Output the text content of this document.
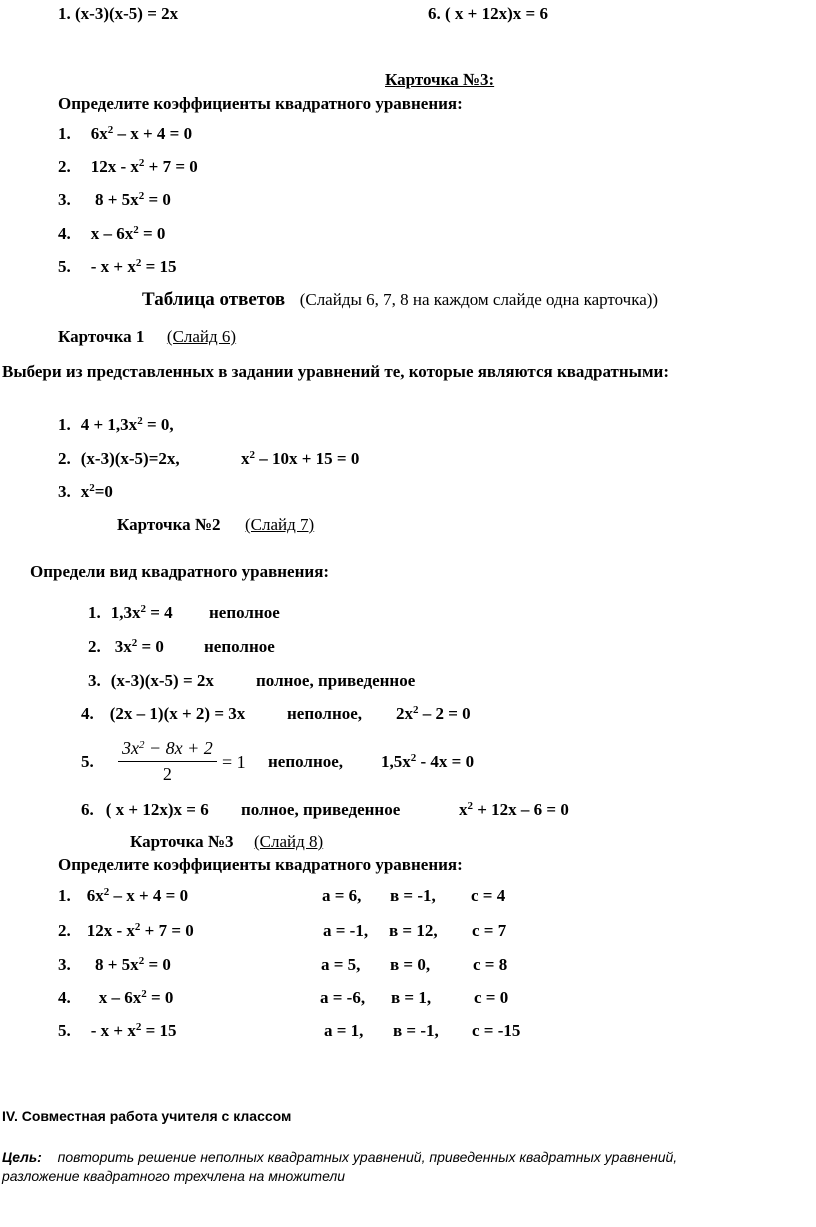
1. (x-3)(x-5) = 2x	6. ( x + 12x)x = 6
Карточка №3:
Определите коэффициенты квадратного уравнения:
1. $6x^2 - x + 4 = 0$
2. $12x - x^2 + 7 = 0$
3. $8 + 5x^2 = 0$
4. $x - 6x^2 = 0$
5. - $x + x^2 = 15$
Таблица ответов (Слайды 6, 7, 8 на каждом слайде одна карточка))
Карточка 1 (Слайд 6)
Выбери из представленных в задании уравнений те, которые являются квадратными:
1. $4 + 1,3x^2 = 0$,
2. (x-3)(x-5)=2x,	$x^2 - 10x + 15 = 0$
3. $x^2=0$
Карточка №2 (Слайд 7)
Определи вид квадратного уравнения:
1. $1,3x^2 = 4$ неполное
2. $3x^2 = 0$ неполное
3. (x-3)(x-5) = 2x полное, приведенное
4. (2x – 1)(x + 2) = 3x неполное, $2x^2 - 2 = 0$
5.
$3x^2 - 8x + 2$
2
= 1 неполное, $1,5x^2 - 4x = 0$
6. ( x + 12x)x = 6 полное, приведенное	$x^2 + 12x - 6 = 0$
Карточка №3 (Слайд 8)
Определите коэффициенты квадратного уравнения:
1. $6x^2 - x + 4 = 0$	а = 6, в = -1, с = 4
2. $12x - x^2 + 7 = 0$	а = -1, в = 12, с = 7
3. $8 + 5x^2 = 0$	а = 5, в = 0,	с = 8
4. $x - 6x^2 = 0$	а = -6, в = 1,	с = 0
5. - $x + x^2 = 15$	а = 1, в = -1, с = -15
IV. Совместная работа учителя с классом
Цель: повторить решение неполных квадратных уравнений, приведенных квадратных уравнений,
разложение квадратного трехчлена на множители
